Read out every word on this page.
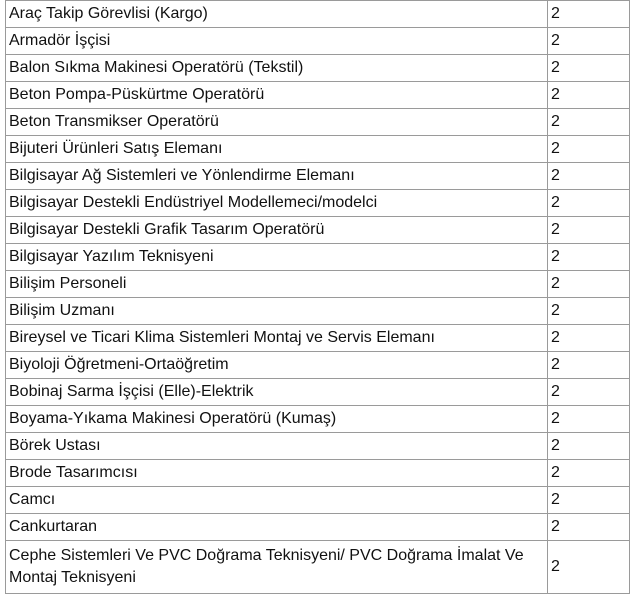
Araç Takip Görevlisi (Kargo)	2
Armadör İşçisi	2
Balon Sıkma Makinesi Operatörü (Tekstil)	2
Beton Pompa-Püskürtme Operatörü	2
Beton Transmikser Operatörü	2
Bijuteri Ürünleri Satış Elemanı	2
Bilgisayar Ağ Sistemleri ve Yönlendirme Elemanı	2
Bilgisayar Destekli Endüstriyel Modellemeci/modelci	2
Bilgisayar Destekli Grafik Tasarım Operatörü	2
Bilgisayar Yazılım Teknisyeni	2
Bilişim Personeli	2
Bilişim Uzmanı	2
Bireysel ve Ticari Klima Sistemleri Montaj ve Servis Elemanı	2
Biyoloji Öğretmeni-Ortaöğretim	2
Bobinaj Sarma İşçisi (Elle)-Elektrik	2
Boyama-Yıkama Makinesi Operatörü (Kumaş)	2
Börek Ustası	2
Brode Tasarımcısı	2
Camcı	2
Cankurtaran	2
Cephe Sistemleri Ve PVC Doğrama Teknisyeni/ PVC Doğrama İmalat Ve Montaj Teknisyeni	2
